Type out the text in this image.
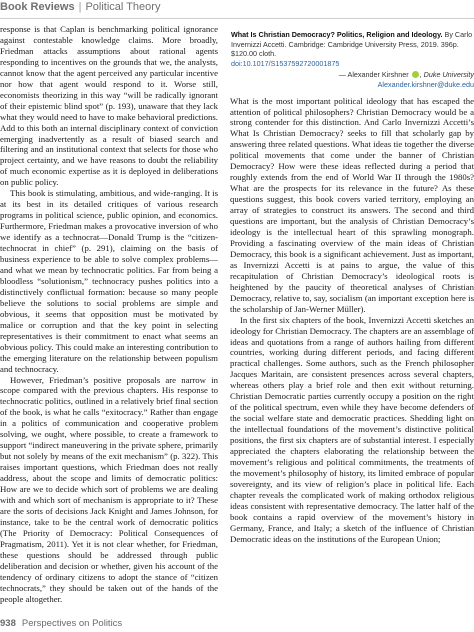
Book Reviews | Political Theory

response is that Caplan is benchmarking political ignorance against contestable knowledge claims. More broadly, Friedman attacks assumptions about rational agents responding to incentives on the grounds that we, the analysts, cannot know that the agent perceived any particular incentive nor how that agent would respond to it. Worse still, economists theorizing in this way “will be radically ignorant of their epistemic blind spot” (p. 193), unaware that they lack what they would need to have to make behavioral predictions. Add to this both an internal disciplinary context of conviction emerging inadvertently as a result of biased search and filtering and an institutional context that selects for those who project certainty, and we have reasons to doubt the reliability of much economic expertise as it is deployed in deliberations on public policy.

This book is stimulating, ambitious, and wide-ranging. It is at its best in its detailed critiques of various research programs in political science, public opinion, and economics. Furthermore, Friedman makes a provocative inversion of who we identify as a technocrat—Donald Trump is the “citizen-technocrat in chief” (p. 291), claiming on the basis of business experience to be able to solve complex problems—and what we mean by technocratic politics. Far from being a bloodless “solutionism,” technocracy pushes politics into a distinctively conflictual formation: because so many people believe the solutions to social problems are simple and obvious, it seems that opposition must be motivated by malice or corruption and that the key point in selecting representatives is their commitment to enact what seems an obvious policy. This could make an interesting contribution to the emerging literature on the relationship between populism and technocracy.

However, Friedman’s positive proposals are narrow in scope compared with the previous chapters. His response to technocratic politics, outlined in a relatively brief final section of the book, is what he calls “exitocracy.” Rather than engage in a politics of communication and cooperative problem solving, we ought, where possible, to create a framework to support “indirect maneuvering in the private sphere, primarily but not solely by means of the exit mechanism” (p. 322). This raises important questions, which Friedman does not really address, about the scope and limits of democratic politics: How are we to decide which sort of problems we are dealing with and which sort of mechanism is appropriate to it? These are the sorts of decisions Jack Knight and James Johnson, for instance, take to be the central work of democratic politics (The Priority of Democracy: Political Consequences of Pragmatism, 2011). Yet it is not clear whether, for Friedman, these questions should be addressed through public deliberation and decision or whether, given his account of the tendency of ordinary citizens to adopt the stance of “citizen technocrats,” they should be taken out of the hands of the people altogether.

What Is Christian Democracy? Politics, Religion and Ideology. By Carlo Invernizzi Accetti. Cambridge: Cambridge University Press, 2019. 396p. $120.00 cloth.
doi:10.1017/S1537592720001875
— Alexander Kirshner , Duke University
Alexander.kirshner@duke.edu

What is the most important political ideology that has escaped the attention of political philosophers? Christian Democracy would be a strong contender for this distinction. And Carlo Invernizzi Accetti’s What Is Christian Democracy? seeks to fill that scholarly gap by answering three related questions. What ideas tie together the diverse political movements that come under the banner of Christian Democracy? How were these ideas reflected during a period that roughly extends from the end of World War II through the 1980s? What are the prospects for its relevance in the future? As these questions suggest, this book covers varied territory, employing an array of strategies to construct its answers. The second and third questions are important, but the analysis of Christian Democracy’s ideology is the intellectual heart of this sprawling monograph. Providing a fascinating overview of the main ideas of Christian Democracy, this book is a significant achievement. Just as important, as Invernizzi Accetti is at pains to argue, the value of this recapitulation of Christian Democracy’s ideological roots is heightened by the paucity of theoretical analyses of Christian Democracy, relative to, say, socialism (an important exception here is the scholarship of Jan-Werner Müller).

In the first six chapters of the book, Invernizzi Accetti sketches an ideology for Christian Democracy. The chapters are an assemblage of ideas and quotations from a range of authors hailing from different countries, working during different periods, and facing different practical challenges. Some authors, such as the French philosopher Jacques Maritain, are consistent presences across several chapters, whereas others play a brief role and then exit without returning. Christian Democratic parties currently occupy a position on the right of the political spectrum, even while they have become defenders of the social welfare state and democratic practices. Shedding light on the intellectual foundations of the movement’s distinctive political positions, the first six chapters are of substantial interest. I especially appreciated the chapters elaborating the relationship between the movement’s religious and political commitments, the treatments of the movement’s philosophy of history, its limited embrace of popular sovereignty, and its view of religion’s place in political life. Each chapter reveals the complicated work of making orthodox religious ideas consistent with representative democracy. The latter half of the book contains a rapid overview of the movement’s history in Germany, France, and Italy; a sketch of the influence of Christian Democratic ideas on the institutions of the European Union;

938 Perspectives on Politics
